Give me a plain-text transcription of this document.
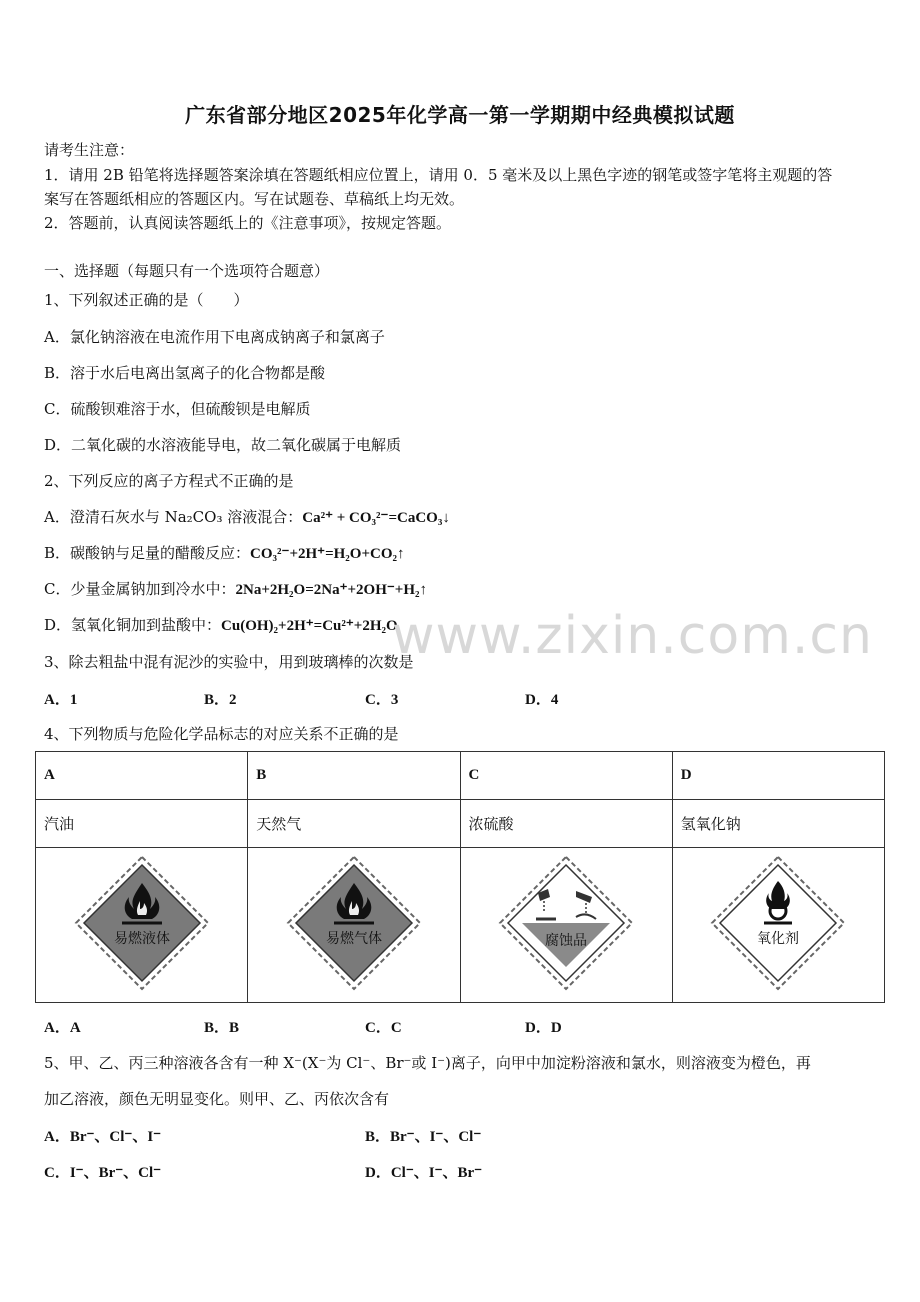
广东省部分地区2025年化学高一第一学期期中经典模拟试题
请考生注意：
1．请用 2B 铅笔将选择题答案涂填在答题纸相应位置上，请用 0．5 毫米及以上黑色字迹的钢笔或签字笔将主观题的答
案写在答题纸相应的答题区内。写在试题卷、草稿纸上均无效。
2．答题前，认真阅读答题纸上的《注意事项》，按规定答题。
一、选择题（每题只有一个选项符合题意）
1、下列叙述正确的是（　　）
A．氯化钠溶液在电流作用下电离成钠离子和氯离子
B．溶于水后电离出氢离子的化合物都是酸
C．硫酸钡难溶于水，但硫酸钡是电解质
D．二氧化碳的水溶液能导电，故二氧化碳属于电解质
2、下列反应的离子方程式不正确的是
A．澄清石灰水与 Na₂CO₃ 溶液混合：Ca²⁺ + CO₃²⁻=CaCO₃↓
B．碳酸钠与足量的醋酸反应：CO₃²⁻+2H⁺=H₂O+CO₂↑
C．少量金属钠加到冷水中：2Na+2H₂O=2Na⁺+2OH⁻+H₂↑
D．氢氧化铜加到盐酸中：Cu(OH)₂+2H⁺=Cu²⁺+2H₂O
www.zixin.com.cn
3、除去粗盐中混有泥沙的实验中，用到玻璃棒的次数是
A．1	B．2	C．3	D．4
4、下列物质与危险化学品标志的对应关系不正确的是
A	B	C	D
汽油	天然气	浓硫酸	氢氧化钠

易燃液体	易燃气体	腐蚀品	氧化剂
A．A	B．B	C．C	D．D
5、甲、乙、丙三种溶液各含有一种 X⁻(X⁻为 Cl⁻、Br⁻或 I⁻)离子，向甲中加淀粉溶液和氯水，则溶液变为橙色，再
加乙溶液，颜色无明显变化。则甲、乙、丙依次含有
A．Br⁻、Cl⁻、I⁻	B．Br⁻、I⁻、Cl⁻
C．I⁻、Br⁻、Cl⁻	D．Cl⁻、I⁻、Br⁻
